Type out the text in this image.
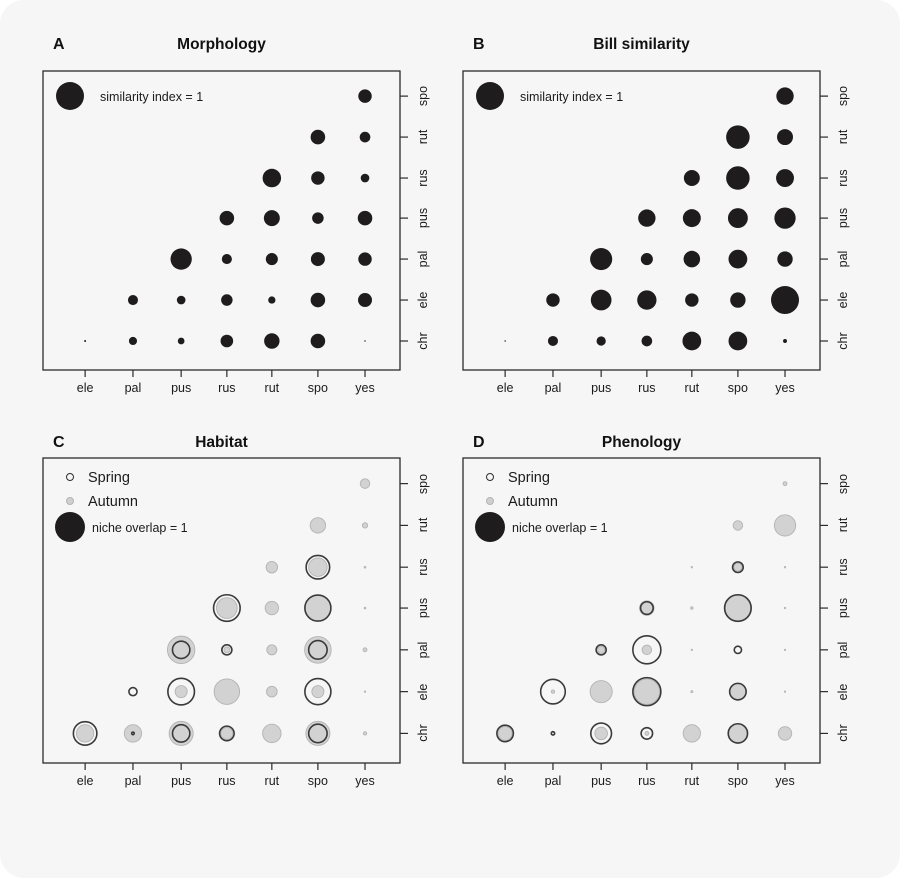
A	Morphology
similarity index = 1
B	Bill similarity
similarity index = 1
C	Habitat
Spring
Autumn
niche overlap = 1
D	Phenology
Spring
Autumn
niche overlap = 1
ele	pal	pus	rus	rut	spo	yes
spo
rut
rus
pus
pal
ele
chr
ele	pal	pus	rus	rut	spo	yes
spo
rut
rus
pus
pal
ele
chr
ele	pal	pus	rus	rut	spo	yes
spo
rut
rus
pus
pal
ele
chr
ele	pal	pus	rus	rut	spo	yes
spo
rut
rus
pus
pal
ele
chr
